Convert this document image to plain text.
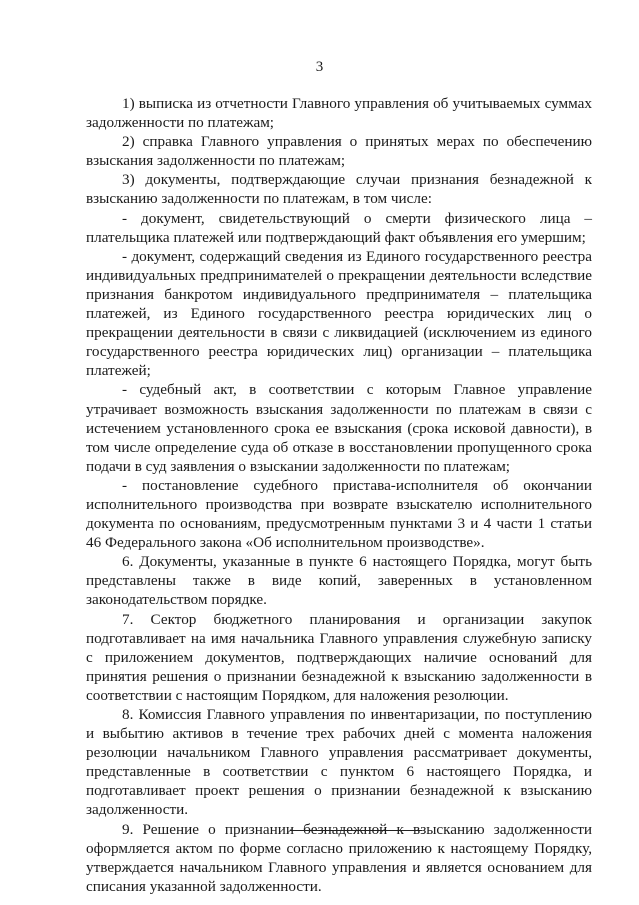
3

1) выписка из отчетности Главного управления об учитываемых суммах задолженности по платежам;

2) справка Главного управления о принятых мерах по обеспечению взыскания задолженности по платежам;

3) документы, подтверждающие случаи признания безнадежной к взысканию задолженности по платежам, в том числе:

- документ, свидетельствующий о смерти физического лица – плательщика платежей или подтверждающий факт объявления его умершим;

- документ, содержащий сведения из Единого государственного реестра индивидуальных предпринимателей о прекращении деятельности вследствие признания банкротом индивидуального предпринимателя – плательщика платежей, из Единого государственного реестра юридических лиц о прекращении деятельности в связи с ликвидацией (исключением из единого государственного реестра юридических лиц) организации – плательщика платежей;

- судебный акт, в соответствии с которым Главное управление утрачивает возможность взыскания задолженности по платежам в связи с истечением установленного срока ее взыскания (срока исковой давности), в том числе определение суда об отказе в восстановлении пропущенного срока подачи в суд заявления о взыскании задолженности по платежам;

- постановление судебного пристава-исполнителя об окончании исполнительного производства при возврате взыскателю исполнительного документа по основаниям, предусмотренным пунктами 3 и 4 части 1 статьи 46 Федерального закона «Об исполнительном производстве».

6. Документы, указанные в пункте 6 настоящего Порядка, могут быть представлены также в виде копий, заверенных в установленном законодательством порядке.

7. Сектор бюджетного планирования и организации закупок подготавливает на имя начальника Главного управления служебную записку с приложением документов, подтверждающих наличие оснований для принятия решения о признании безнадежной к взысканию задолженности в соответствии с настоящим Порядком, для наложения резолюции.

8. Комиссия Главного управления по инвентаризации, по поступлению и выбытию активов в течение трех рабочих дней с момента наложения резолюции начальником Главного управления рассматривает документы, представленные в соответствии с пунктом 6 настоящего Порядка, и подготавливает проект решения о признании безнадежной к взысканию задолженности.

9. Решение о признании безнадежной к взысканию задолженности оформляется актом по форме согласно приложению к настоящему Порядку, утверждается начальником Главного управления и является основанием для списания указанной задолженности.
